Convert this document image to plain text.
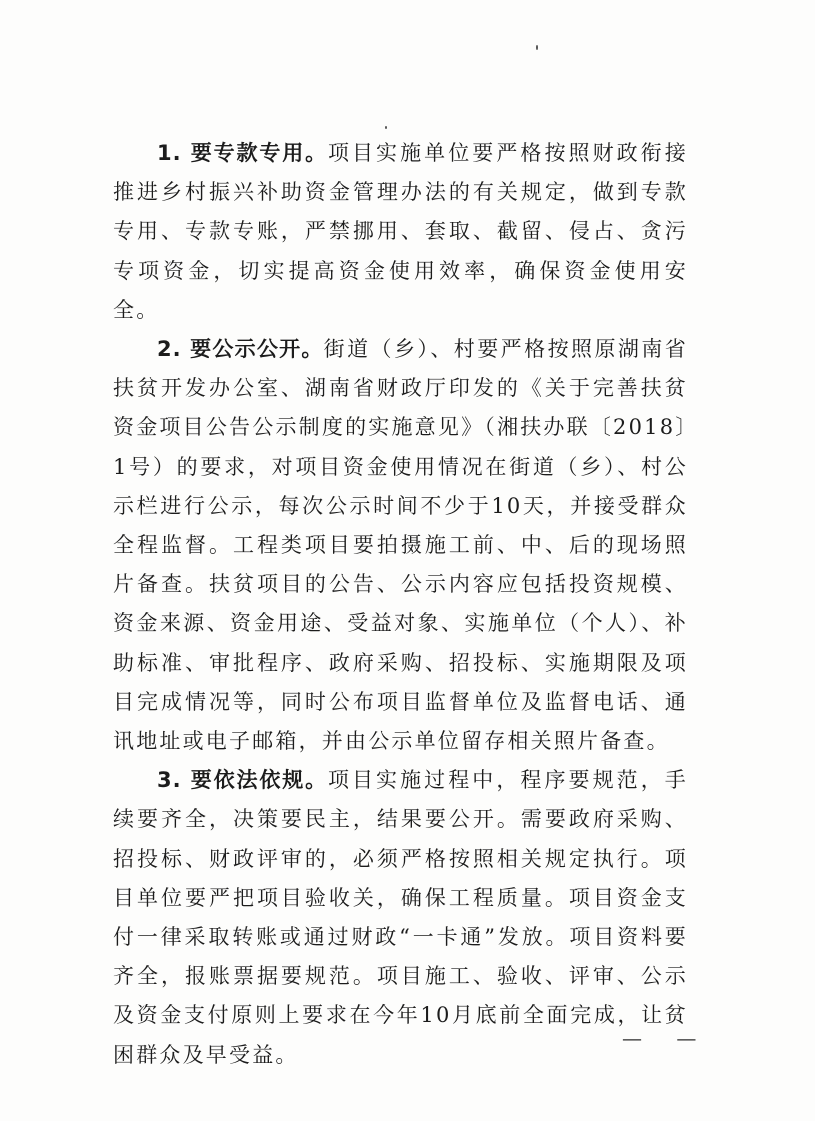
1. 要专款专用。项目实施单位要严格按照财政衔接推进乡村振兴补助资金管理办法的有关规定，做到专款专用、专款专账，严禁挪用、套取、截留、侵占、贪污专项资金，切实提高资金使用效率，确保资金使用安全。

2. 要公示公开。街道（乡）、村要严格按照原湖南省扶贫开发办公室、湖南省财政厅印发的《关于完善扶贫资金项目公告公示制度的实施意见》（湘扶办联〔2018〕1号）的要求，对项目资金使用情况在街道（乡）、村公示栏进行公示，每次公示时间不少于10天，并接受群众全程监督。工程类项目要拍摄施工前、中、后的现场照片备查。扶贫项目的公告、公示内容应包括投资规模、资金来源、资金用途、受益对象、实施单位（个人）、补助标准、审批程序、政府采购、招投标、实施期限及项目完成情况等，同时公布项目监督单位及监督电话、通讯地址或电子邮箱，并由公示单位留存相关照片备查。

3. 要依法依规。项目实施过程中，程序要规范，手续要齐全，决策要民主，结果要公开。需要政府采购、招投标、财政评审的，必须严格按照相关规定执行。项目单位要严把项目验收关，确保工程质量。项目资金支付一律采取转账或通过财政“一卡通”发放。项目资料要齐全，报账票据要规范。项目施工、验收、评审、公示及资金支付原则上要求在今年10月底前全面完成，让贫困群众及早受益。

— —
